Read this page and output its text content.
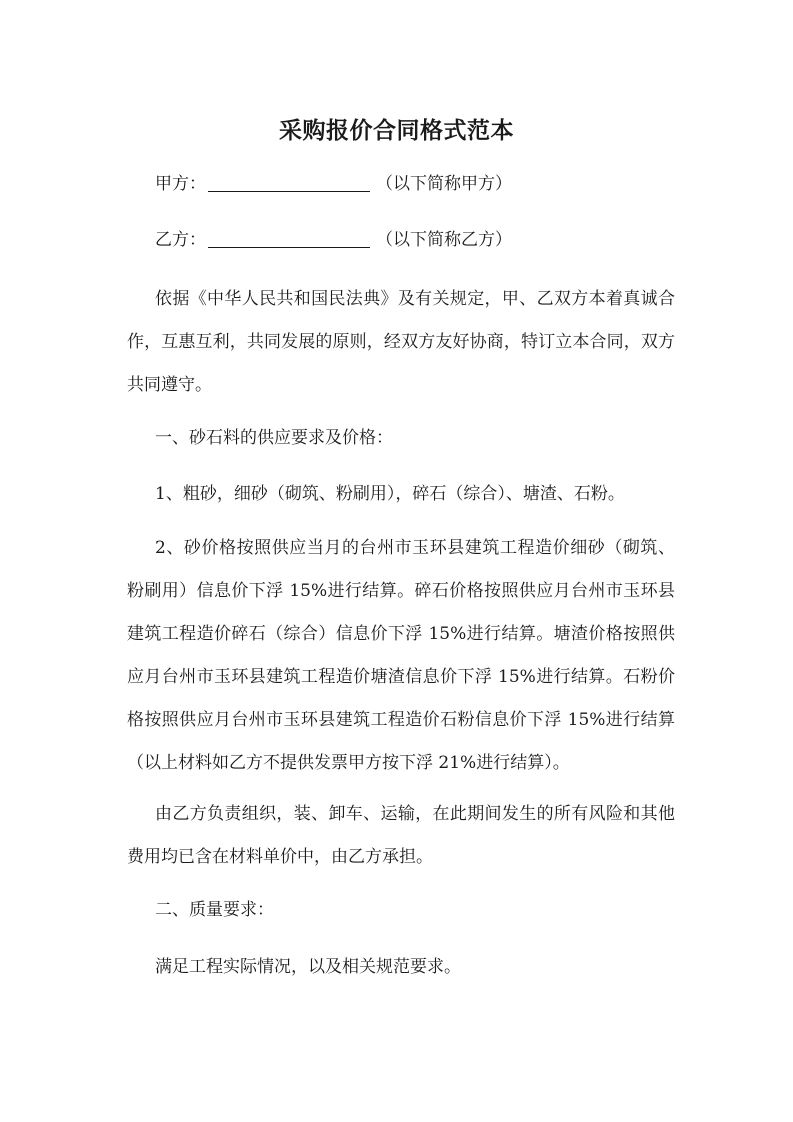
采购报价合同格式范本
甲方：	（以下简称甲方）
乙方：	（以下简称乙方）

依据《中华人民共和国民法典》及有关规定，甲、乙双方本着真诚合作，互惠互利，共同发展的原则，经双方友好协商，特订立本合同，双方共同遵守。

一、砂石料的供应要求及价格：

1、粗砂，细砂（砌筑、粉刷用），碎石（综合）、塘渣、石粉。

2、砂价格按照供应当月的台州市玉环县建筑工程造价细砂（砌筑、粉刷用）信息价下浮 15%进行结算。碎石价格按照供应月台州市玉环县建筑工程造价碎石（综合）信息价下浮 15%进行结算。塘渣价格按照供应月台州市玉环县建筑工程造价塘渣信息价下浮 15%进行结算。石粉价格按照供应月台州市玉环县建筑工程造价石粉信息价下浮 15%进行结算（以上材料如乙方不提供发票甲方按下浮 21%进行结算）。

由乙方负责组织，装、卸车、运输，在此期间发生的所有风险和其他费用均已含在材料单价中，由乙方承担。

二、质量要求：

满足工程实际情况，以及相关规范要求。
